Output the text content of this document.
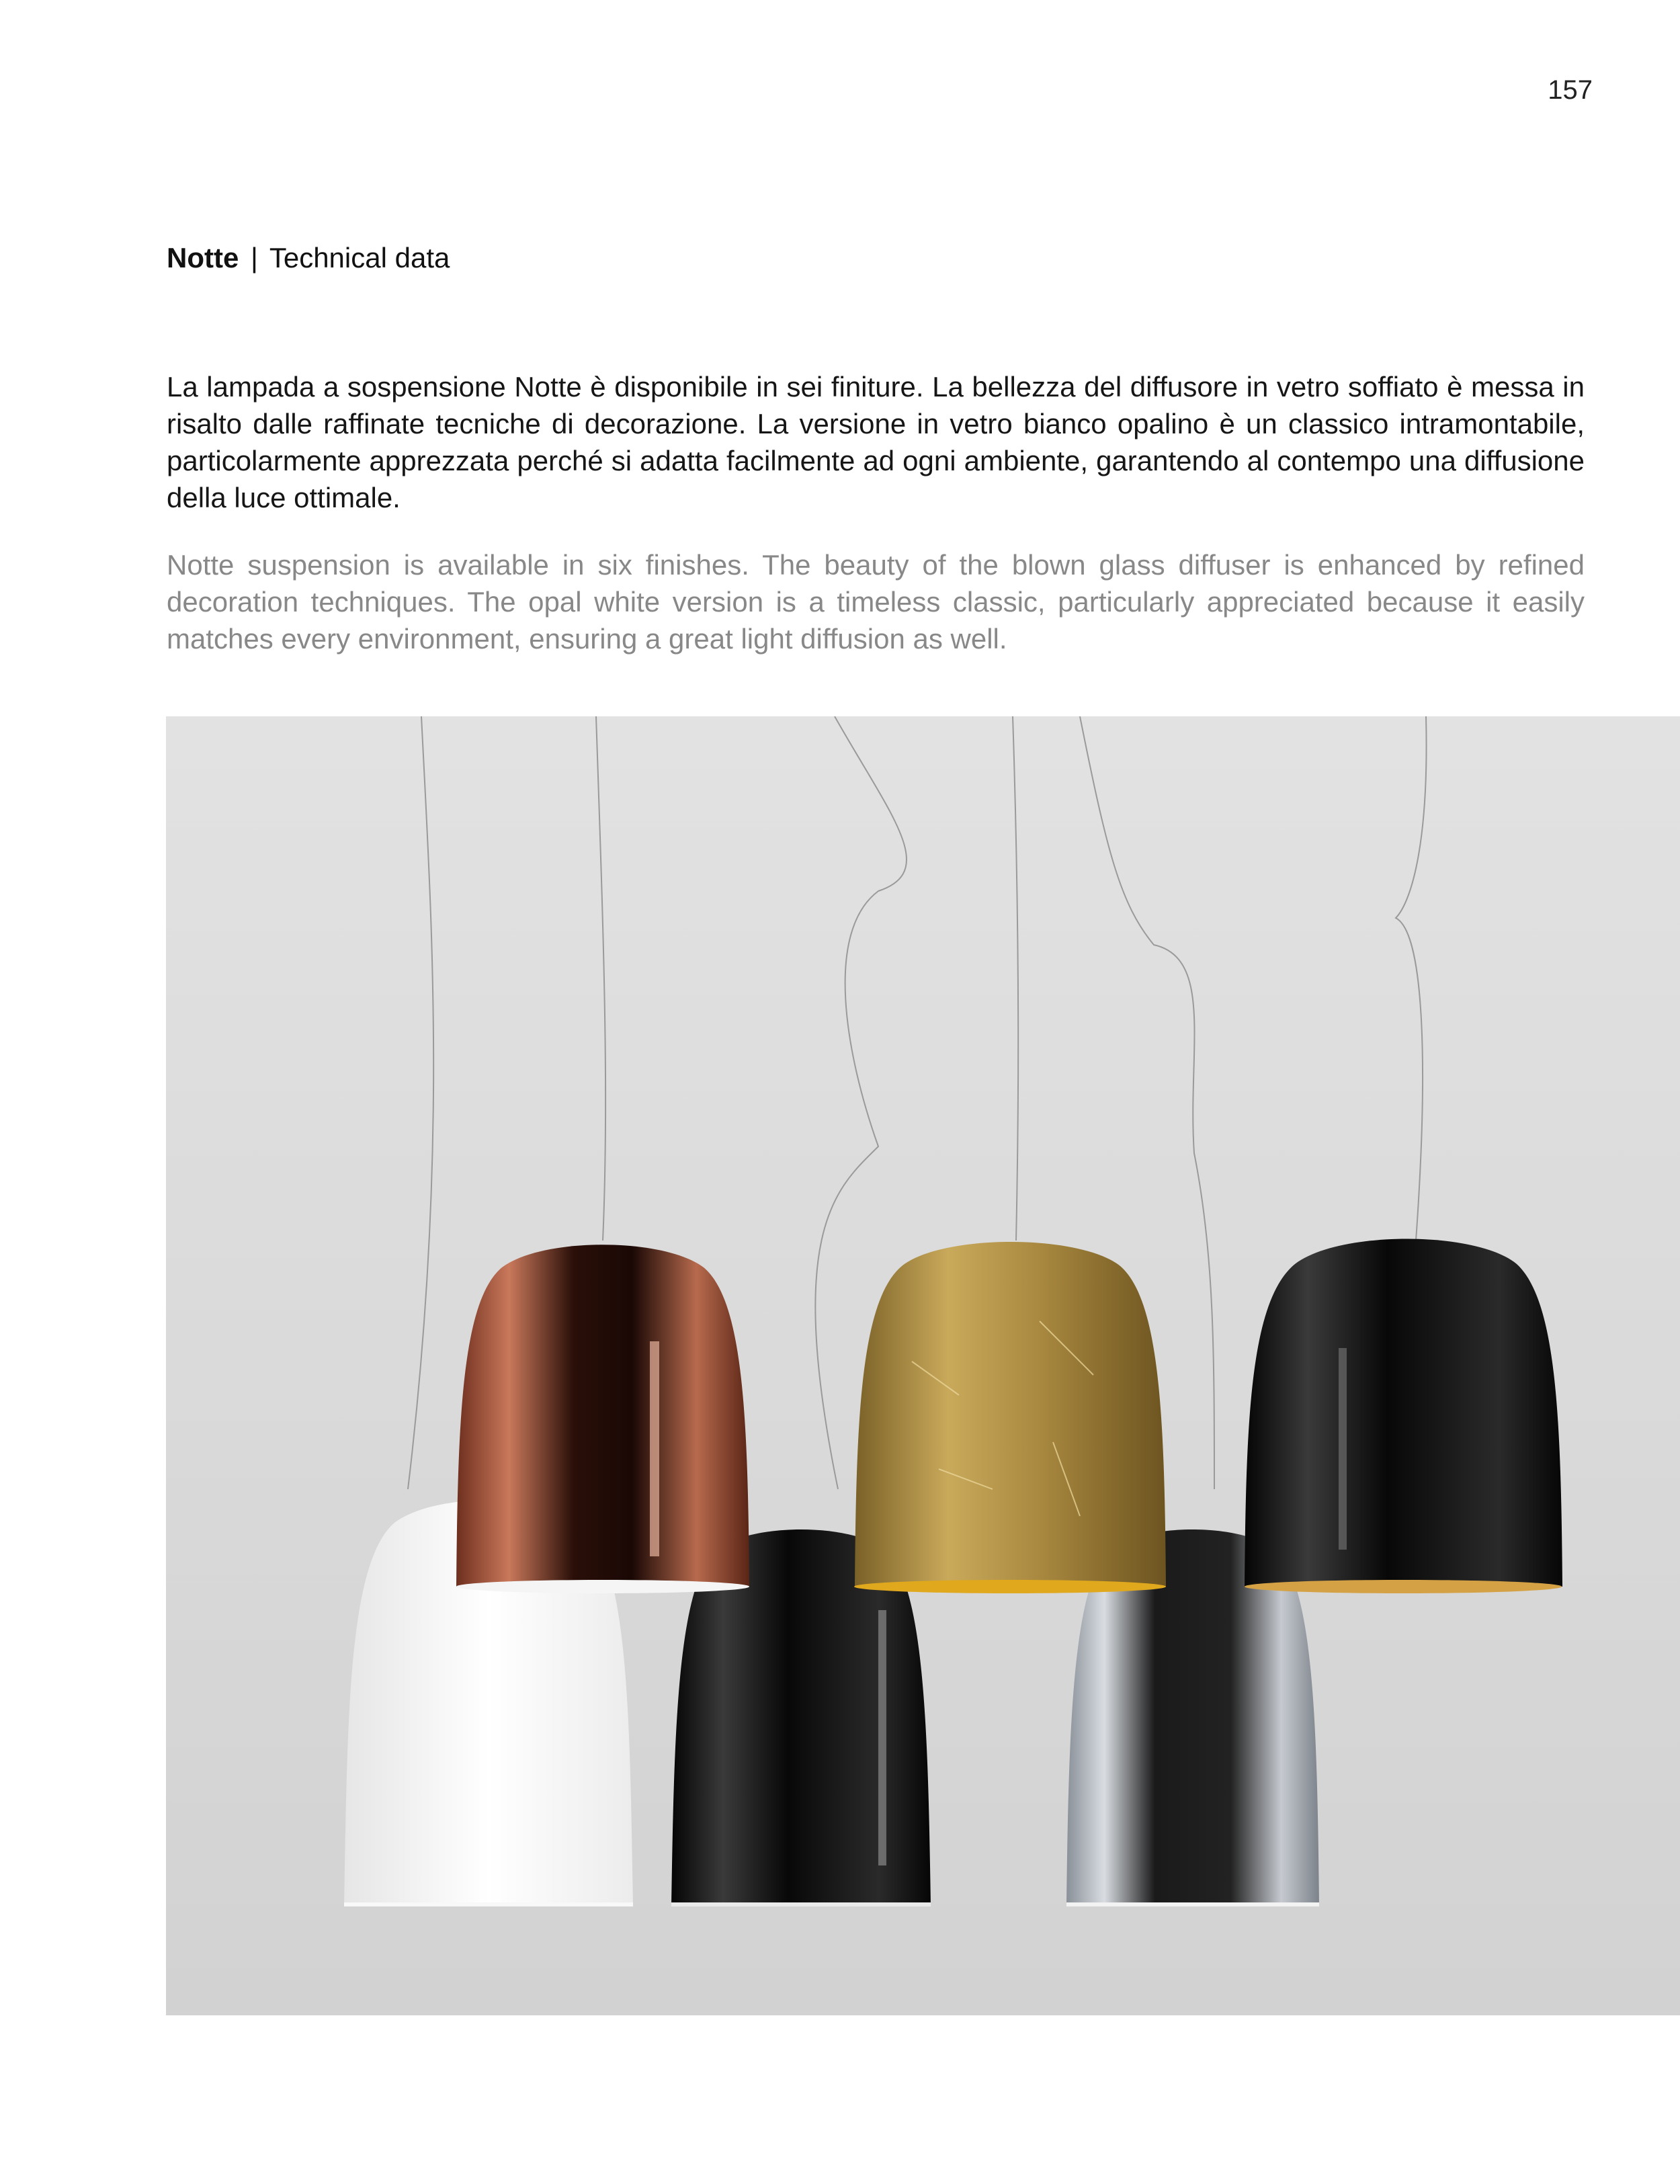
157
Notte | Technical data

La lampada a sospensione Notte è disponibile in sei finiture. La bellezza del diffusore in vetro soffiato è messa in risalto dalle raffinate tecniche di decorazione. La versione in vetro bianco opalino è un classico intramontabile, particolarmente apprezzata perché si adatta facilmente ad ogni ambiente, garantendo al contempo una diffusione della luce ottimale.

Notte suspension is available in six finishes. The beauty of the blown glass diffuser is enhanced by refined decoration techniques. The opal white version is a timeless classic, particularly appreciated because it easily matches every environment, ensuring a great light diffusion as well.
